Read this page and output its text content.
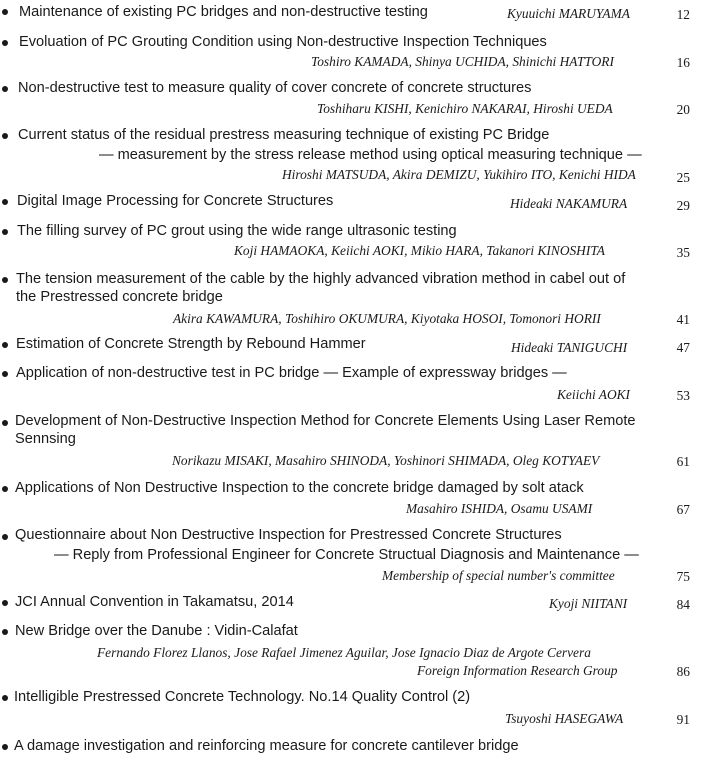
Maintenance of existing PC bridges and non-destructive testing	Kyuuichi MARUYAMA	12
Evoluation of PC Grouting Condition using Non-destructive Inspection Techniques
Toshiro KAMADA, Shinya UCHIDA, Shinichi HATTORI	16
Non-destructive test to measure quality of cover concrete of concrete structures
Toshiharu KISHI, Kenichiro NAKARAI, Hiroshi UEDA	20
Current status of the residual prestress measuring technique of existing PC Bridge
— measurement by the stress release method using optical measuring technique —
Hiroshi MATSUDA, Akira DEMIZU, Yukihiro ITO, Kenichi HIDA	25
Digital Image Processing for Concrete Structures	Hideaki NAKAMURA	29
The filling survey of PC grout using the wide range ultrasonic testing
Koji HAMAOKA, Keiichi AOKI, Mikio HARA, Takanori KINOSHITA	35
The tension measurement of the cable by the highly advanced vibration method in cabel out of
the Prestressed concrete bridge
Akira KAWAMURA, Toshihiro OKUMURA, Kiyotaka HOSOI, Tomonori HORII	41
Estimation of Concrete Strength by Rebound Hammer	Hideaki TANIGUCHI	47
Application of non-destructive test in PC bridge — Example of expressway bridges —
Keiichi AOKI	53
Development of Non-Destructive Inspection Method for Concrete Elements Using Laser Remote
Sennsing
Norikazu MISAKI, Masahiro SHINODA, Yoshinori SHIMADA, Oleg KOTYAEV	61
Applications of Non Destructive Inspection to the concrete bridge damaged by solt atack
Masahiro ISHIDA, Osamu USAMI	67
Questionnaire about Non Destructive Inspection for Prestressed Concrete Structures
— Reply from Professional Engineer for Concrete Structual Diagnosis and Maintenance —
Membership of special number's committee	75
JCI Annual Convention in Takamatsu, 2014	Kyoji NIITANI	84
New Bridge over the Danube : Vidin-Calafat
Fernando Florez Llanos, Jose Rafael Jimenez Aguilar, Jose Ignacio Diaz de Argote Cervera
Foreign Information Research Group	86
Intelligible Prestressed Concrete Technology. No.14 Quality Control (2)
Tsuyoshi HASEGAWA	91
A damage investigation and reinforcing measure for concrete cantilever bridge
